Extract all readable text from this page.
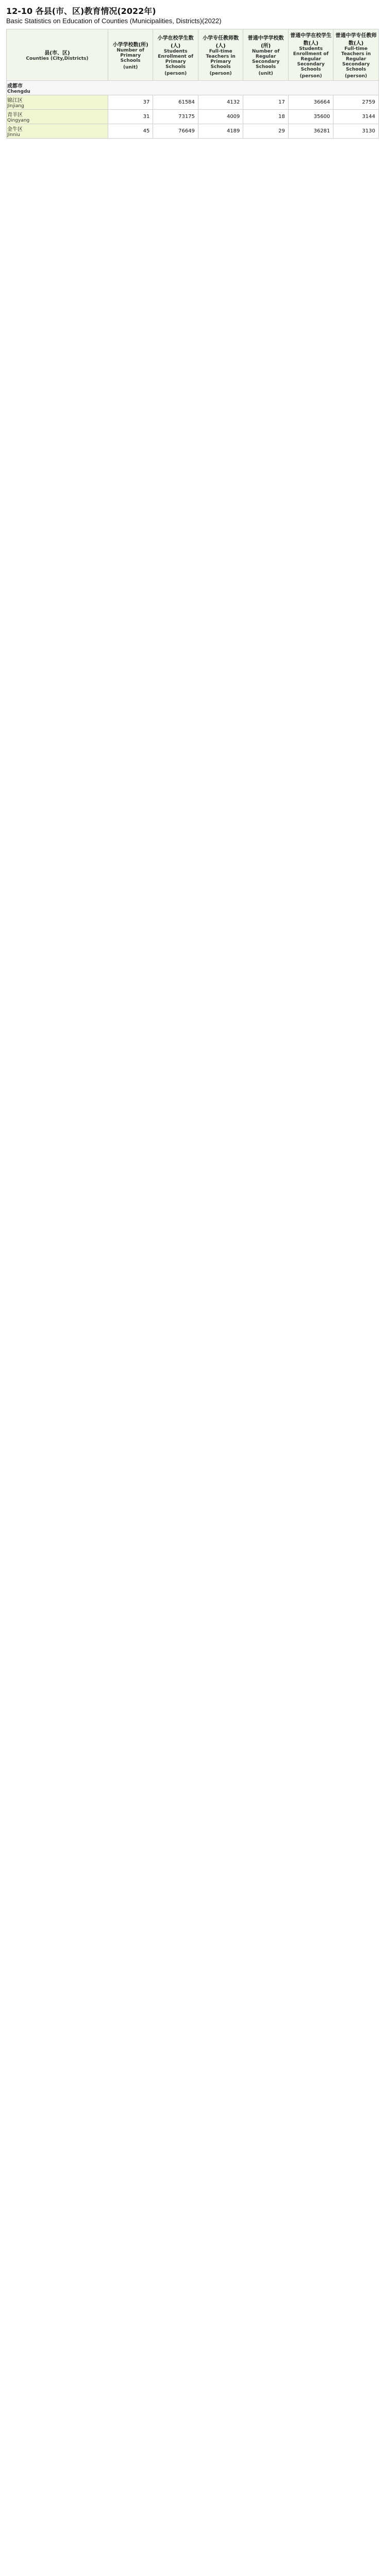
12-10 各县(市、区)教育情况(2022年)
Basic Statistics on Education of Counties (Municipalities, Districts)(2022)
县(市、区)
Counties (City,Districts)	小学学校数(所)
Number of Primary Schools
(unit)	小学在校学生数(人)
Students Enrollment of Primary Schools
(person)	小学专任教师数(人)
Full-time Teachers in Primary Schools
(person)	普通中学学校数(所)
Number of Regular Secondary Schools
(unit)	普通中学在校学生数(人)
Students Enrollment of Regular Secondary Schools
(person)	普通中学专任教师数(人)
Full-time Teachers in Regular Secondary Schools
(person)

成都市
Chengdu						

锦江区
Jinjiang	37	61584	4132	17	36664	2759

青羊区
Qingyang	31	73175	4009	18	35600	3144

金牛区
Jinniu	45	76649	4189	29	36281	3130
